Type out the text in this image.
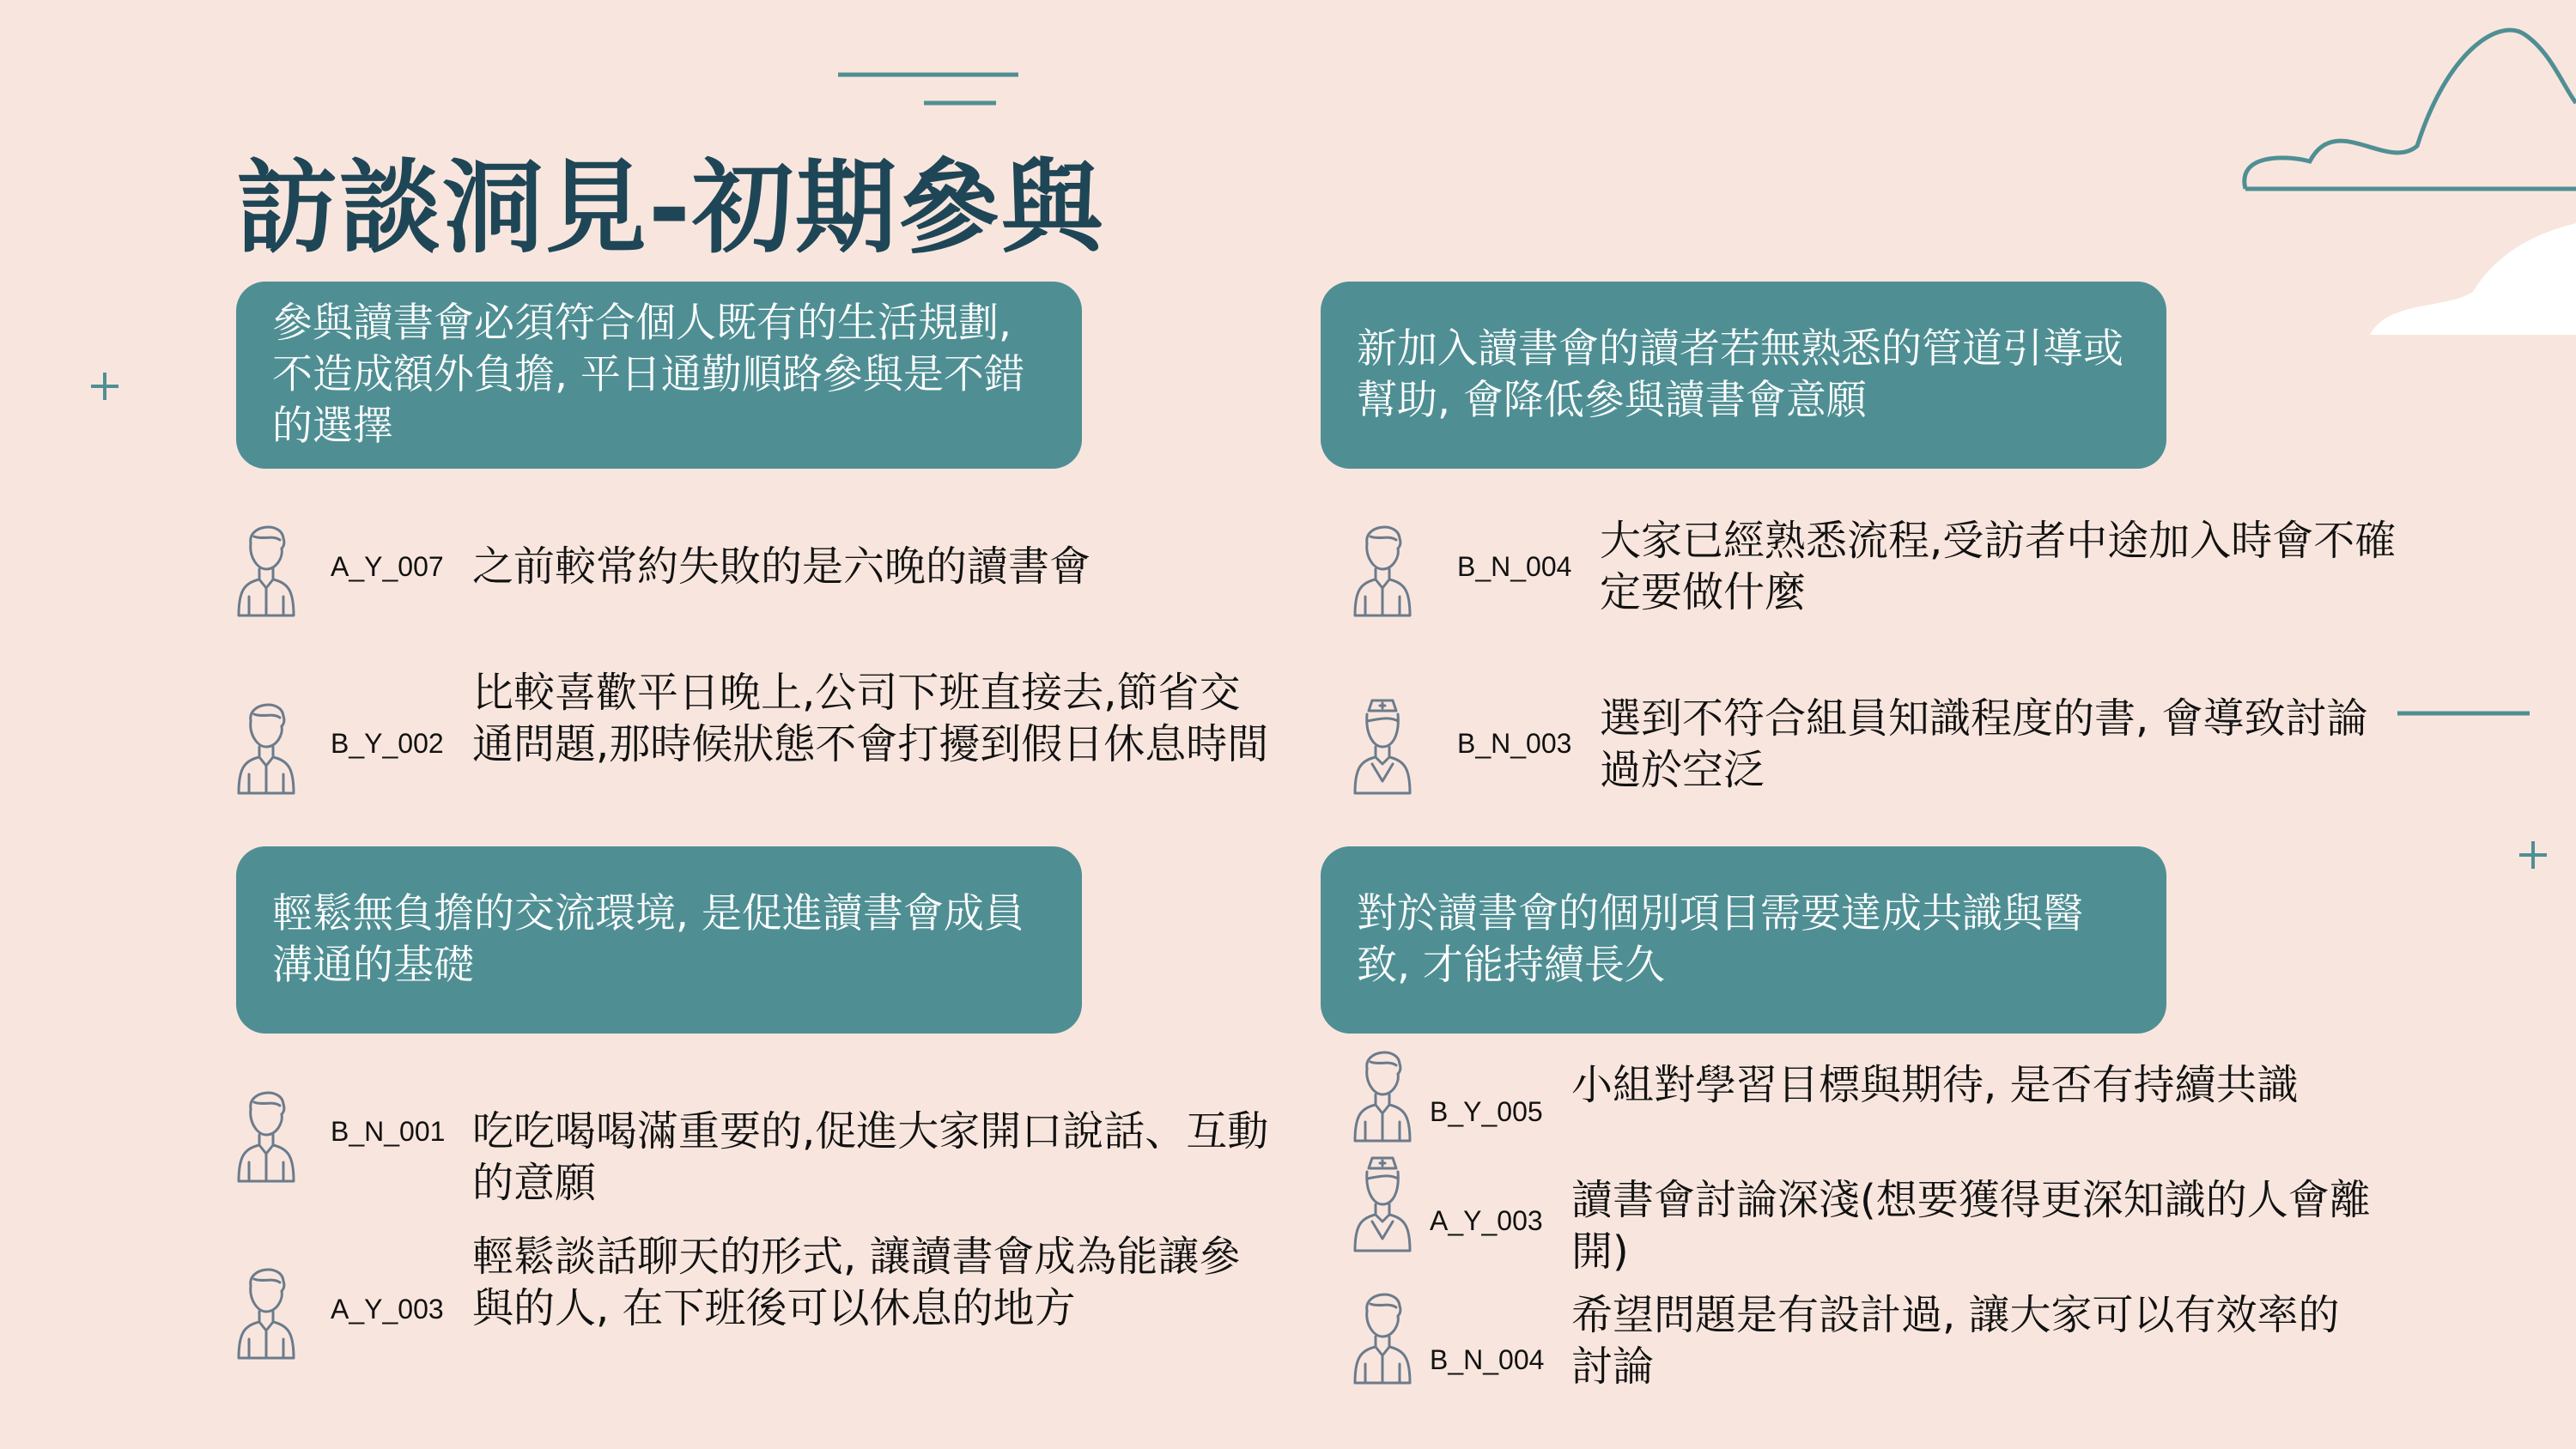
訪談洞見-初期參與
參與讀書會必須符合個人既有的生活規劃,不造成額外負擔, 平日通勤順路參與是不錯的選擇
新加入讀書會的讀者若無熟悉的管道引導或幫助, 會降低參與讀書會意願
輕鬆無負擔的交流環境, 是促進讀書會成員溝通的基礎
對於讀書會的個別項目需要達成共識與醫致, 才能持續長久
A_Y_007 之前較常約失敗的是六晚的讀書會
B_Y_002
比較喜歡平日晚上,公司下班直接去,節省交通問題,那時候狀態不會打擾到假日休息時間
B_N_004
大家已經熟悉流程,受訪者中途加入時會不確定要做什麼
B_N_003
選到不符合組員知識程度的書, 會導致討論過於空泛
B_N_001 吃吃喝喝滿重要的,促進大家開口說話、互動的意願
A_Y_003
輕鬆談話聊天的形式, 讓讀書會成為能讓參與的人, 在下班後可以休息的地方
B_Y_005
小組對學習目標與期待, 是否有持續共識
A_Y_003 讀書會討論深淺(想要獲得更深知識的人會離開)
B_N_004
希望問題是有設計過, 讓大家可以有效率的討論
